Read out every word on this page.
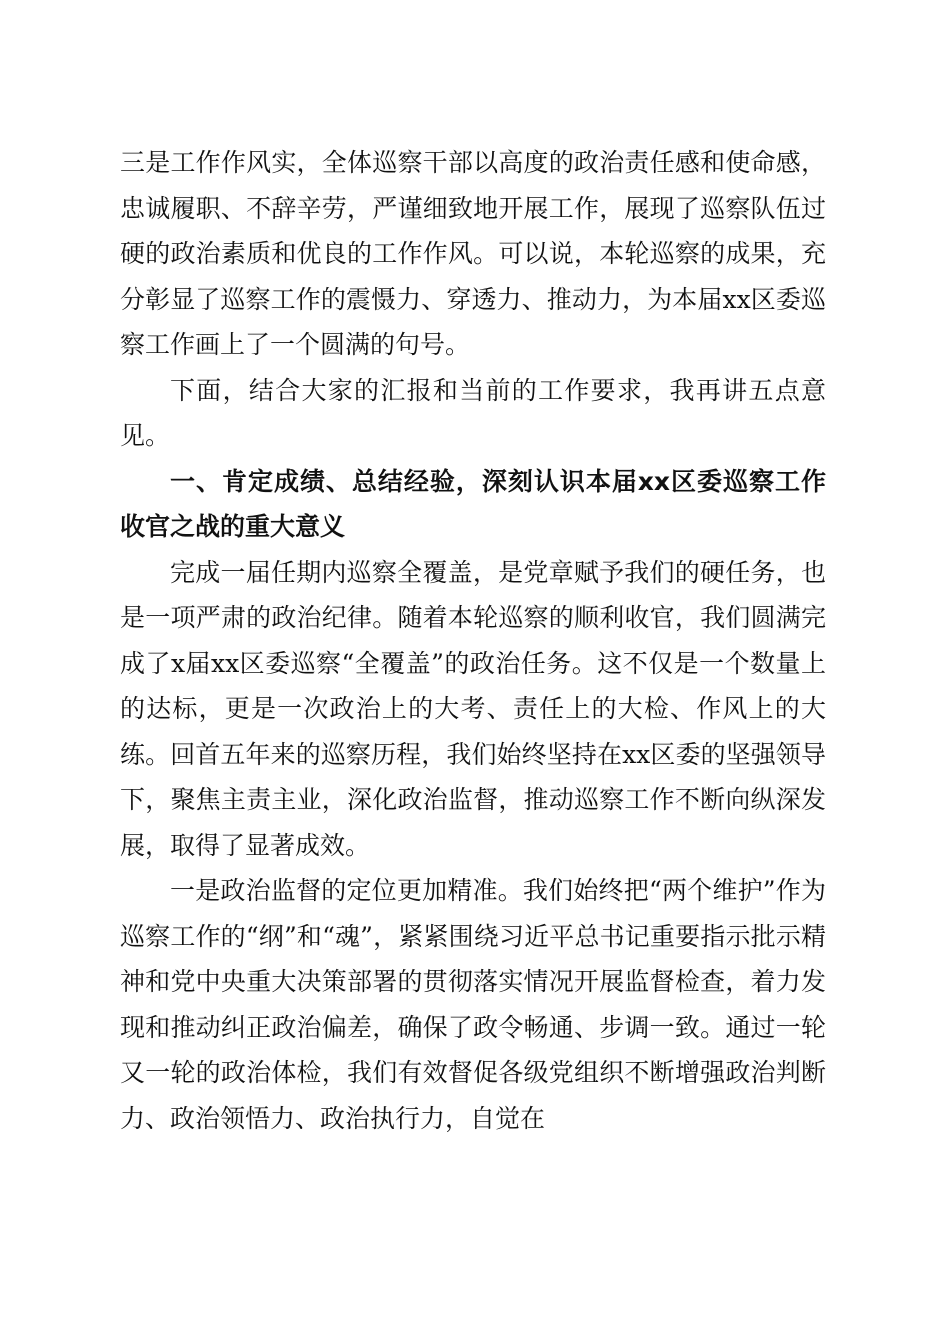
三是工作作风实，全体巡察干部以高度的政治责任感和使命感，忠诚履职、不辞辛劳，严谨细致地开展工作，展现了巡察队伍过硬的政治素质和优良的工作作风。可以说，本轮巡察的成果，充分彰显了巡察工作的震慑力、穿透力、推动力，为本届xx区委巡察工作画上了一个圆满的句号。

下面，结合大家的汇报和当前的工作要求，我再讲五点意见。

一、肯定成绩、总结经验，深刻认识本届xx区委巡察工作收官之战的重大意义

完成一届任期内巡察全覆盖，是党章赋予我们的硬任务，也是一项严肃的政治纪律。随着本轮巡察的顺利收官，我们圆满完成了x届xx区委巡察“全覆盖”的政治任务。这不仅是一个数量上的达标，更是一次政治上的大考、责任上的大检、作风上的大练。回首五年来的巡察历程，我们始终坚持在xx区委的坚强领导下，聚焦主责主业，深化政治监督，推动巡察工作不断向纵深发展，取得了显著成效。

一是政治监督的定位更加精准。我们始终把“两个维护”作为巡察工作的“纲”和“魂”，紧紧围绕习近平总书记重要指示批示精神和党中央重大决策部署的贯彻落实情况开展监督检查，着力发现和推动纠正政治偏差，确保了政令畅通、步调一致。通过一轮又一轮的政治体检，我们有效督促各级党组织不断增强政治判断力、政治领悟力、政治执行力，自觉在
